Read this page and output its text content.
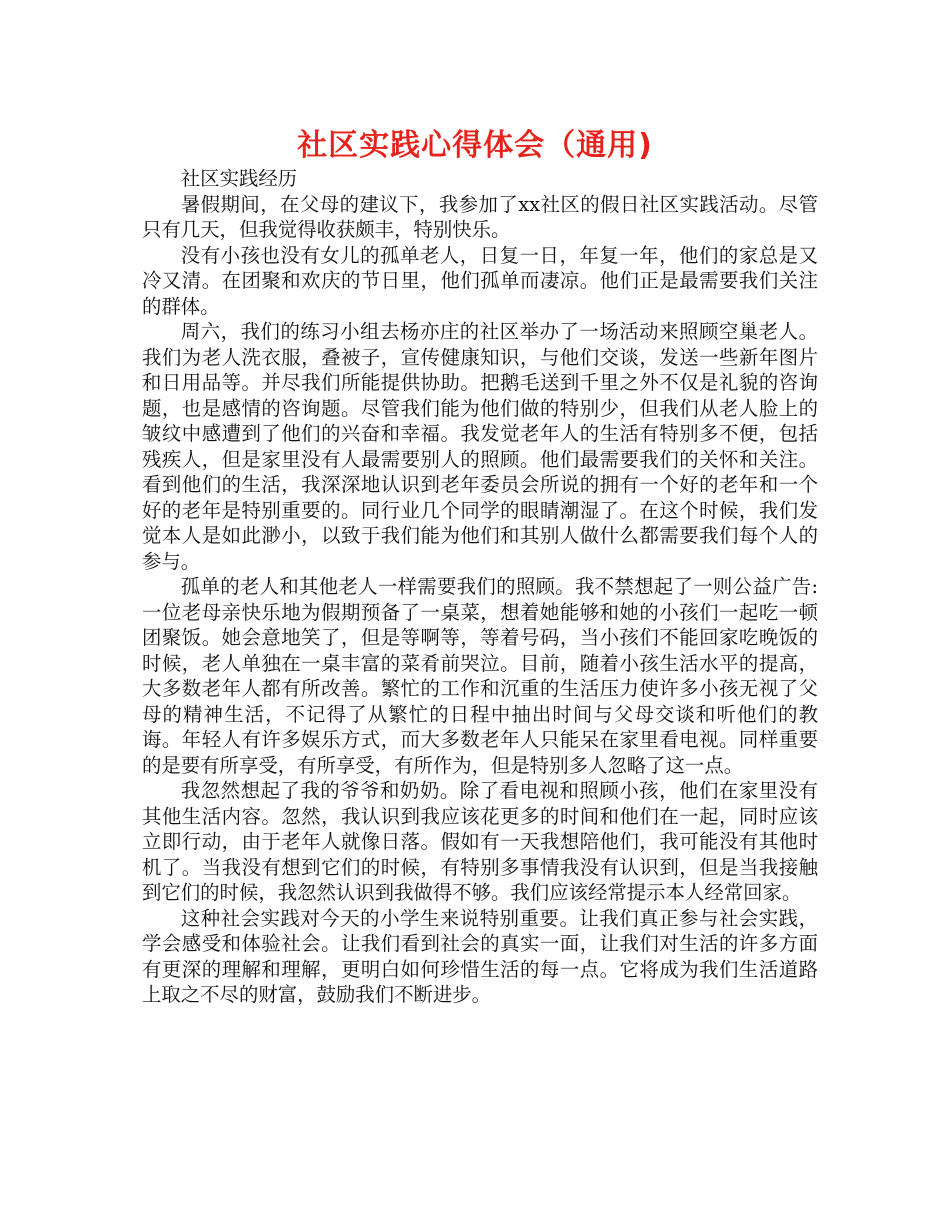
社区实践心得体会（通用)

社区实践经历

暑假期间，在父母的建议下，我参加了xx社区的假日社区实践活动。尽管只有几天，但我觉得收获颇丰，特别快乐。

没有小孩也没有女儿的孤单老人，日复一日，年复一年，他们的家总是又冷又清。在团聚和欢庆的节日里，他们孤单而凄凉。他们正是最需要我们关注的群体。

周六，我们的练习小组去杨亦庄的社区举办了一场活动来照顾空巢老人。我们为老人洗衣服，叠被子，宣传健康知识，与他们交谈，发送一些新年图片和日用品等。并尽我们所能提供协助。把鹅毛送到千里之外不仅是礼貌的咨询题，也是感情的咨询题。尽管我们能为他们做的特别少，但我们从老人脸上的皱纹中感遭到了他们的兴奋和幸福。我发觉老年人的生活有特别多不便，包括残疾人，但是家里没有人最需要别人的照顾。他们最需要我们的关怀和关注。看到他们的生活，我深深地认识到老年委员会所说的拥有一个好的老年和一个好的老年是特别重要的。同行业几个同学的眼睛潮湿了。在这个时候，我们发觉本人是如此渺小，以致于我们能为他们和其别人做什么都需要我们每个人的参与。

孤单的老人和其他老人一样需要我们的照顾。我不禁想起了一则公益广告:一位老母亲快乐地为假期预备了一桌菜，想着她能够和她的小孩们一起吃一顿团聚饭。她会意地笑了，但是等啊等，等着号码，当小孩们不能回家吃晚饭的时候，老人单独在一桌丰富的菜肴前哭泣。目前，随着小孩生活水平的提高，大多数老年人都有所改善。繁忙的工作和沉重的生活压力使许多小孩无视了父母的精神生活，不记得了从繁忙的日程中抽出时间与父母交谈和听他们的教诲。年轻人有许多娱乐方式，而大多数老年人只能呆在家里看电视。同样重要的是要有所享受，有所享受，有所作为，但是特别多人忽略了这一点。

我忽然想起了我的爷爷和奶奶。除了看电视和照顾小孩，他们在家里没有其他生活内容。忽然，我认识到我应该花更多的时间和他们在一起，同时应该立即行动，由于老年人就像日落。假如有一天我想陪他们，我可能没有其他时机了。当我没有想到它们的时候，有特别多事情我没有认识到，但是当我接触到它们的时候，我忽然认识到我做得不够。我们应该经常提示本人经常回家。

这种社会实践对今天的小学生来说特别重要。让我们真正参与社会实践，学会感受和体验社会。让我们看到社会的真实一面，让我们对生活的许多方面有更深的理解和理解，更明白如何珍惜生活的每一点。它将成为我们生活道路上取之不尽的财富，鼓励我们不断进步。
